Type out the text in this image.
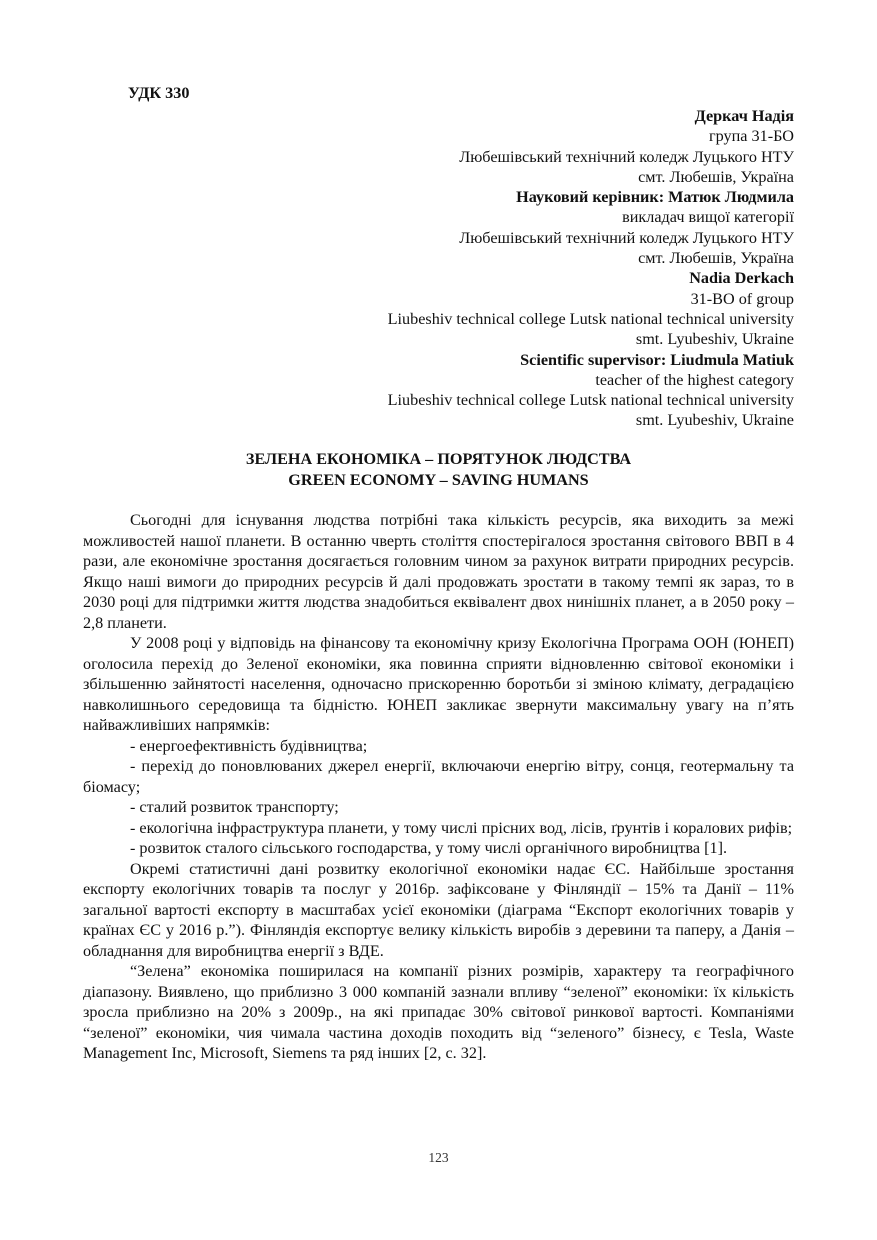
УДК 330
Деркач Надія
група 31-БО
Любешівський технічний коледж Луцького НТУ
смт. Любешів, Україна
Науковий керівник: Матюк Людмила
викладач вищої категорії
Любешівський технічний коледж Луцького НТУ
смт. Любешів, Україна
Nadia Derkach
31-BO of group
Liubeshiv technical college Lutsk national technical university
smt. Lyubeshiv, Ukraine
Scientific supervisor: Liudmula Matiuk
teacher of the highest category
Liubeshiv technical college Lutsk national technical university
smt. Lyubeshiv, Ukraine
ЗЕЛЕНА ЕКОНОМІКА – ПОРЯТУНОК ЛЮДСТВА
GREEN ECONOMY – SAVING HUMANS

Сьогодні для існування людства потрібні така кількість ресурсів, яка виходить за межі можливостей нашої планети. В останню чверть століття спостерігалося зростання світового ВВП в 4 рази, але економічне зростання досягається головним чином за рахунок витрати природних ресурсів. Якщо наші вимоги до природних ресурсів й далі продовжать зростати в такому темпі як зараз, то в 2030 році для підтримки життя людства знадобиться еквівалент двох нинішніх планет, а в 2050 року – 2,8 планети.

У 2008 році у відповідь на фінансову та економічну кризу Екологічна Програма ООН (ЮНЕП) оголосила перехід до Зеленої економіки, яка повинна сприяти відновленню світової економіки і збільшенню зайнятості населення, одночасно прискоренню боротьби зі зміною клімату, деградацією навколишнього середовища та бідністю. ЮНЕП закликає звернути максимальну увагу на п’ять найважливіших напрямків:

- енергоефективність будівництва;

- перехід до поновлюваних джерел енергії, включаючи енергію вітру, сонця, геотермальну та біомасу;

- сталий розвиток транспорту;

- екологічна інфраструктура планети, у тому числі прісних вод, лісів, ґрунтів і коралових рифів;

- розвиток сталого сільського господарства, у тому числі органічного виробництва [1].

Окремі статистичні дані розвитку екологічної економіки надає ЄС. Найбільше зростання експорту екологічних товарів та послуг у 2016р. зафіксоване у Фінляндії – 15% та Данії – 11% загальної вартості експорту в масштабах усієї економіки (діаграма “Експорт екологічних товарів у країнах ЄС у 2016 р.”). Фінляндія експортує велику кількість виробів з деревини та паперу, а Данія – обладнання для виробництва енергії з ВДЕ.

“Зелена” економіка поширилася на компанії різних розмірів, характеру та географічного діапазону. Виявлено, що приблизно 3 000 компаній зазнали впливу “зеленої” економіки: їх кількість зросла приблизно на 20% з 2009р., на які припадає 30% світової ринкової вартості. Компаніями “зеленої” економіки, чия чимала частина доходів походить від “зеленого” бізнесу, є Tesla, Waste Management Inc, Microsoft, Siemens та ряд інших [2, с. 32].

123
